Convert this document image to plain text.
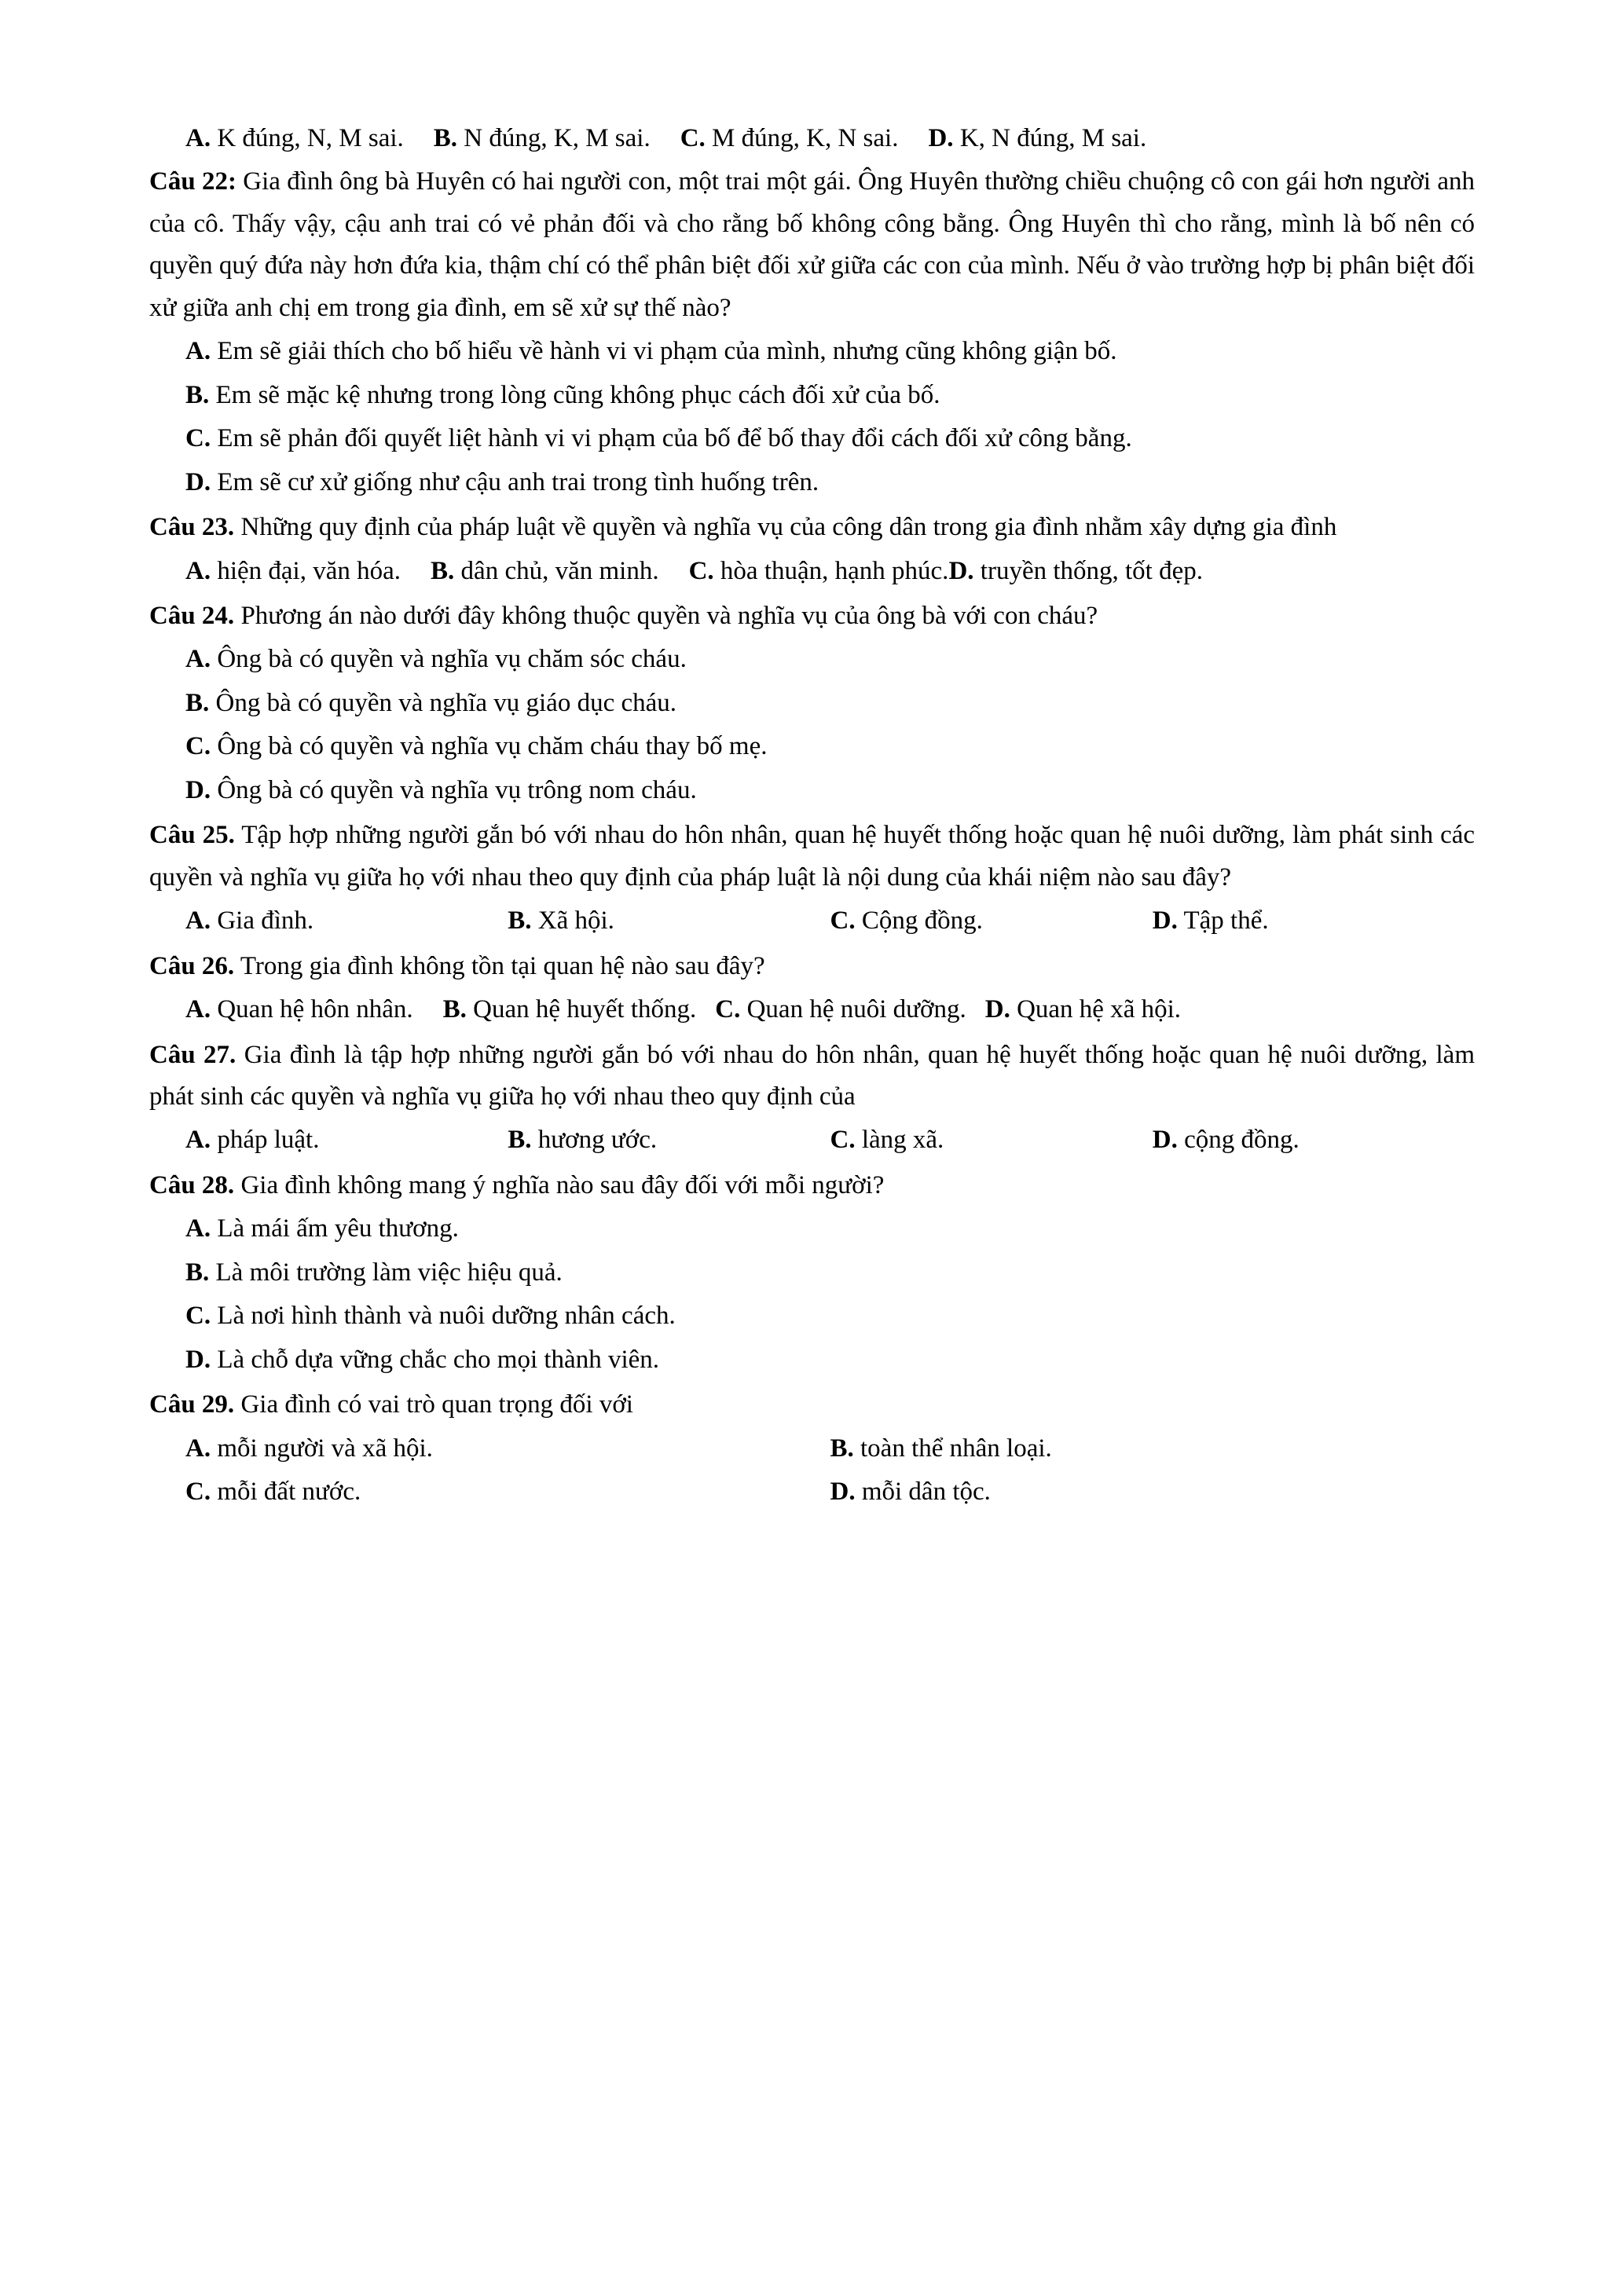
A. K đúng, N, M sai. B. N đúng, K, M sai. C. M đúng, K, N sai. D. K, N đúng, M sai.

Câu 22: Gia đình ông bà Huyên có hai người con, một trai một gái. Ông Huyên thường chiều chuộng cô con gái hơn người anh của cô. Thấy vậy, cậu anh trai có vẻ phản đối và cho rằng bố không công bằng. Ông Huyên thì cho rằng, mình là bố nên có quyền quý đứa này hơn đứa kia, thậm chí có thể phân biệt đối xử giữa các con của mình. Nếu ở vào trường hợp bị phân biệt đối xử giữa anh chị em trong gia đình, em sẽ xử sự thế nào?

A. Em sẽ giải thích cho bố hiểu về hành vi vi phạm của mình, nhưng cũng không giận bố.

B. Em sẽ mặc kệ nhưng trong lòng cũng không phục cách đối xử của bố.

C. Em sẽ phản đối quyết liệt hành vi vi phạm của bố để bố thay đổi cách đối xử công bằng.

D. Em sẽ cư xử giống như cậu anh trai trong tình huống trên.

Câu 23. Những quy định của pháp luật về quyền và nghĩa vụ của công dân trong gia đình nhằm xây dựng gia đình

A. hiện đại, văn hóa. B. dân chủ, văn minh. C. hòa thuận, hạnh phúc.D. truyền thống, tốt đẹp.

Câu 24. Phương án nào dưới đây không thuộc quyền và nghĩa vụ của ông bà với con cháu?

A. Ông bà có quyền và nghĩa vụ chăm sóc cháu.

B. Ông bà có quyền và nghĩa vụ giáo dục cháu.

C. Ông bà có quyền và nghĩa vụ chăm cháu thay bố mẹ.

D. Ông bà có quyền và nghĩa vụ trông nom cháu.

Câu 25. Tập hợp những người gắn bó với nhau do hôn nhân, quan hệ huyết thống hoặc quan hệ nuôi dưỡng, làm phát sinh các quyền và nghĩa vụ giữa họ với nhau theo quy định của pháp luật là nội dung của khái niệm nào sau đây?

A. Gia đình.	B. Xã hội.	C. Cộng đồng.	D. Tập thể.

Câu 26. Trong gia đình không tồn tại quan hệ nào sau đây?

A. Quan hệ hôn nhân. B. Quan hệ huyết thống. C. Quan hệ nuôi dưỡng. D. Quan hệ xã hội.

Câu 27. Gia đình là tập hợp những người gắn bó với nhau do hôn nhân, quan hệ huyết thống hoặc quan hệ nuôi dưỡng, làm phát sinh các quyền và nghĩa vụ giữa họ với nhau theo quy định của

A. pháp luật.	B. hương ước.	C. làng xã.	D. cộng đồng.

Câu 28. Gia đình không mang ý nghĩa nào sau đây đối với mỗi người?

A. Là mái ấm yêu thương.

B. Là môi trường làm việc hiệu quả.

C. Là nơi hình thành và nuôi dưỡng nhân cách.

D. Là chỗ dựa vững chắc cho mọi thành viên.

Câu 29. Gia đình có vai trò quan trọng đối với

A. mỗi người và xã hội.	B. toàn thể nhân loại.
C. mỗi đất nước.	D. mỗi dân tộc.
